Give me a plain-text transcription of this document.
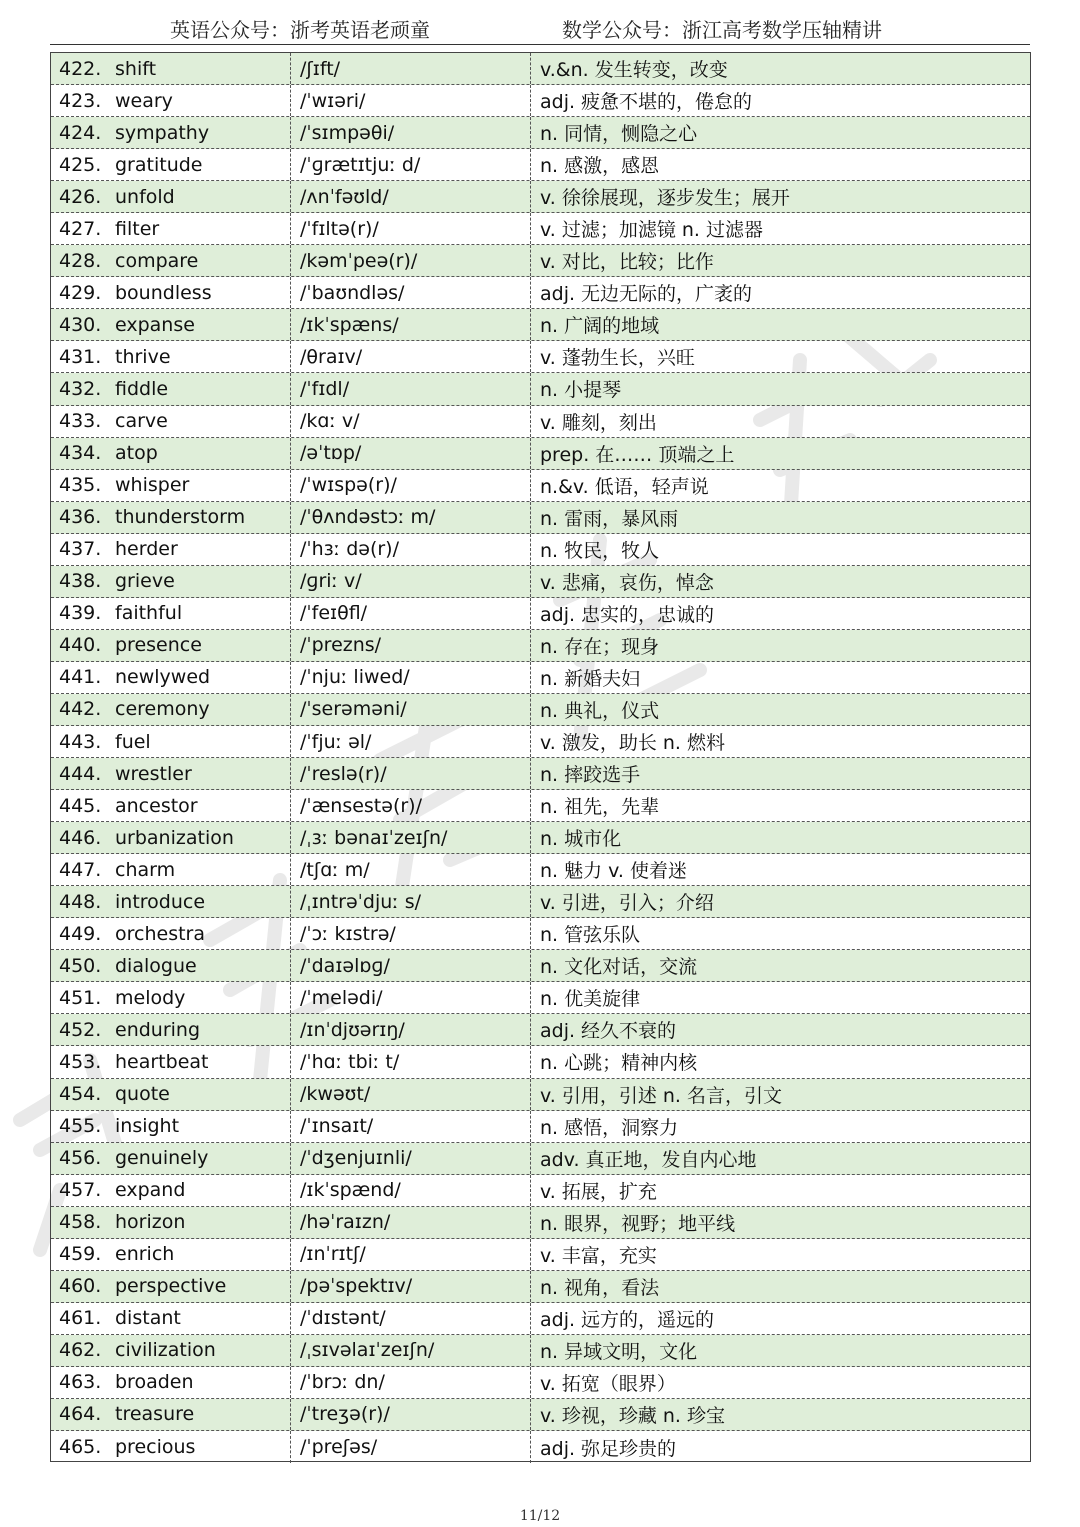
英语公众号：浙考英语老顽童	数学公众号：浙江高考数学压轴精讲
422. shift	/ʃɪft/	v.&n. 发生转变，改变
423. weary	/ˈwɪəri/	adj. 疲惫不堪的，倦怠的
424. sympathy	/ˈsɪmpəθi/	n. 同情，恻隐之心
425. gratitude	/ˈɡrætɪtjuː d/	n. 感激，感恩
426. unfold	/ʌnˈfəʊld/	v. 徐徐展现，逐步发生；展开
427. filter	/ˈfɪltə(r)/	v. 过滤；加滤镜 n. 过滤器
428. compare	/kəmˈpeə(r)/	v. 对比，比较；比作
429. boundless	/ˈbaʊndləs/	adj. 无边无际的，广袤的
430. expanse	/ɪkˈspæns/	n. 广阔的地域
431. thrive	/θraɪv/	v. 蓬勃生长，兴旺
432. fiddle	/ˈfɪdl/	n. 小提琴
433. carve	/kɑː v/	v. 雕刻，刻出
434. atop	/əˈtɒp/	prep. 在…… 顶端之上
435. whisper	/ˈwɪspə(r)/	n.&v. 低语，轻声说
436. thunderstorm	/ˈθʌndəstɔː m/	n. 雷雨，暴风雨
437. herder	/ˈhɜː də(r)/	n. 牧民，牧人
438. grieve	/ɡriː v/	v. 悲痛，哀伤，悼念
439. faithful	/ˈfeɪθfl/	adj. 忠实的，忠诚的
440. presence	/ˈprezns/	n. 存在；现身
441. newlywed	/ˈnjuː liwed/	n. 新婚夫妇
442. ceremony	/ˈserəməni/	n. 典礼，仪式
443. fuel	/ˈfjuː əl/	v. 激发，助长 n. 燃料
444. wrestler	/ˈreslə(r)/	n. 摔跤选手
445. ancestor	/ˈænsestə(r)/	n. 祖先，先辈
446. urbanization	/ˌɜː bənaɪˈzeɪʃn/	n. 城市化
447. charm	/tʃɑː m/	n. 魅力 v. 使着迷
448. introduce	/ˌɪntrəˈdjuː s/	v. 引进，引入；介绍
449. orchestra	/ˈɔː kɪstrə/	n. 管弦乐队
450. dialogue	/ˈdaɪəlɒɡ/	n. 文化对话，交流
451. melody	/ˈmelədi/	n. 优美旋律
452. enduring	/ɪnˈdjʊərɪŋ/	adj. 经久不衰的
453. heartbeat	/ˈhɑː tbiː t/	n. 心跳；精神内核
454. quote	/kwəʊt/	v. 引用，引述 n. 名言，引文
455. insight	/ˈɪnsaɪt/	n. 感悟，洞察力
456. genuinely	/ˈdʒenjuɪnli/	adv. 真正地，发自内心地
457. expand	/ɪkˈspænd/	v. 拓展，扩充
458. horizon	/həˈraɪzn/	n. 眼界，视野；地平线
459. enrich	/ɪnˈrɪtʃ/	v. 丰富，充实
460. perspective	/pəˈspektɪv/	n. 视角，看法
461. distant	/ˈdɪstənt/	adj. 远方的，遥远的
462. civilization	/ˌsɪvəlaɪˈzeɪʃn/	n. 异域文明，文化
463. broaden	/ˈbrɔː dn/	v. 拓宽（眼界）
464. treasure	/ˈtreʒə(r)/	v. 珍视，珍藏 n. 珍宝
465. precious	/ˈpreʃəs/	adj. 弥足珍贵的
11/12
